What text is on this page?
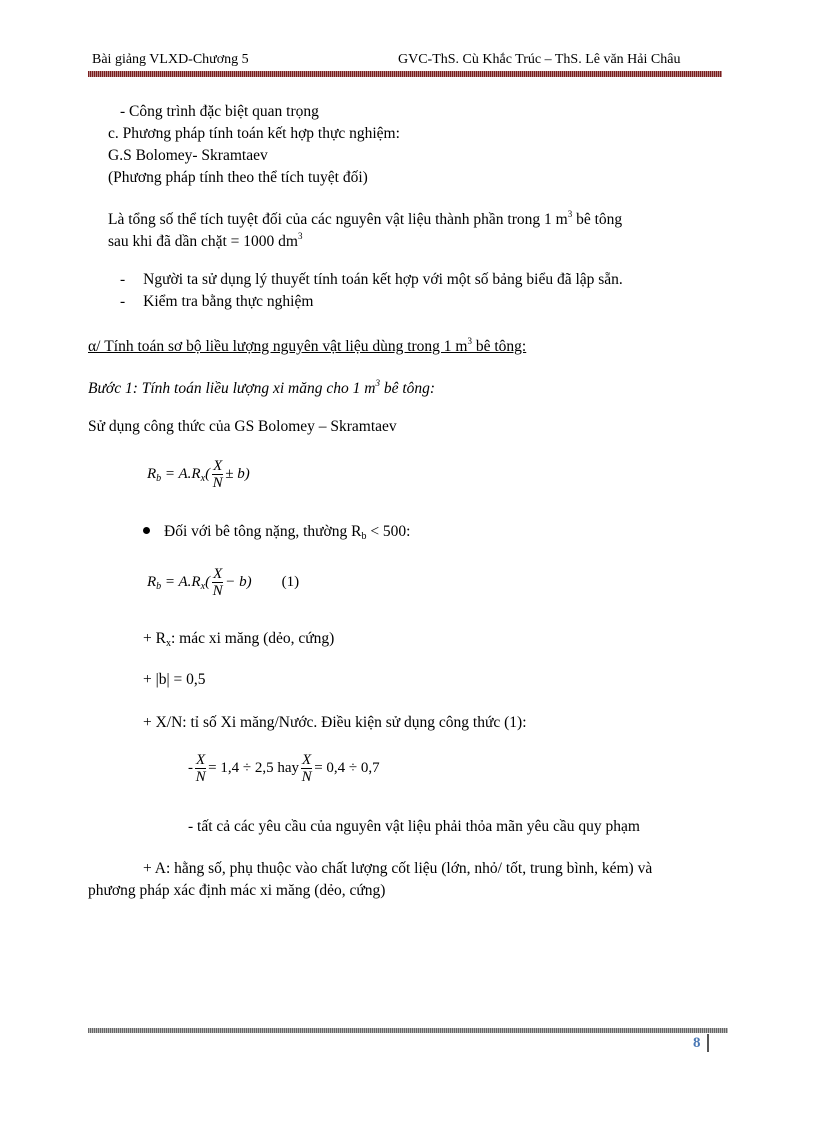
Bài giảng VLXD-Chương 5	GVC-ThS. Cù Khắc Trúc – ThS. Lê văn Hải Châu
- Công trình đặc biệt quan trọng
c. Phương pháp tính toán kết hợp thực nghiệm:
G.S Bolomey- Skramtaev
(Phương pháp tính theo thể tích tuyệt đối)
Là tổng số thể tích tuyệt đối của các nguyên vật liệu thành phần trong 1 $m^3$ bê tông
sau khi đã dần chặt = 1000 $dm^3$
- Người ta sử dụng lý thuyết tính toán kết hợp với một số bảng biểu đã lập sẵn.
- Kiểm tra bằng thực nghiệm
α/ Tính toán sơ bộ liều lượng nguyên vật liệu dùng trong 1 $m^3$ bê tông:
Bước 1: Tính toán liều lượng xi măng cho 1 $m^3$ bê tông:
Sử dụng công thức của GS Bolomey – Skramtaev
$R_b = A.R_x( \frac{X}{N} \pm b)$
Đối với bê tông nặng, thường $R_b < 500$:
$R_b = A.R_x( \frac{X}{N} - b)$ (1)
+ $R_x$: mác xi măng (dẻo, cứng)
+ |b| = 0,5
+ X/N: tỉ số Xi măng/Nước. Điều kiện sử dụng công thức (1):
- $\frac{X}{N} = 1,4 \div 2,5$ hay $\frac{X}{N} = 0,4 \div 0,7$
- tất cả các yêu cầu của nguyên vật liệu phải thỏa mãn yêu cầu quy phạm
+ A: hằng số, phụ thuộc vào chất lượng cốt liệu (lớn, nhỏ/ tốt, trung bình, kém) và
phương pháp xác định mác xi măng (dẻo, cứng)
8
